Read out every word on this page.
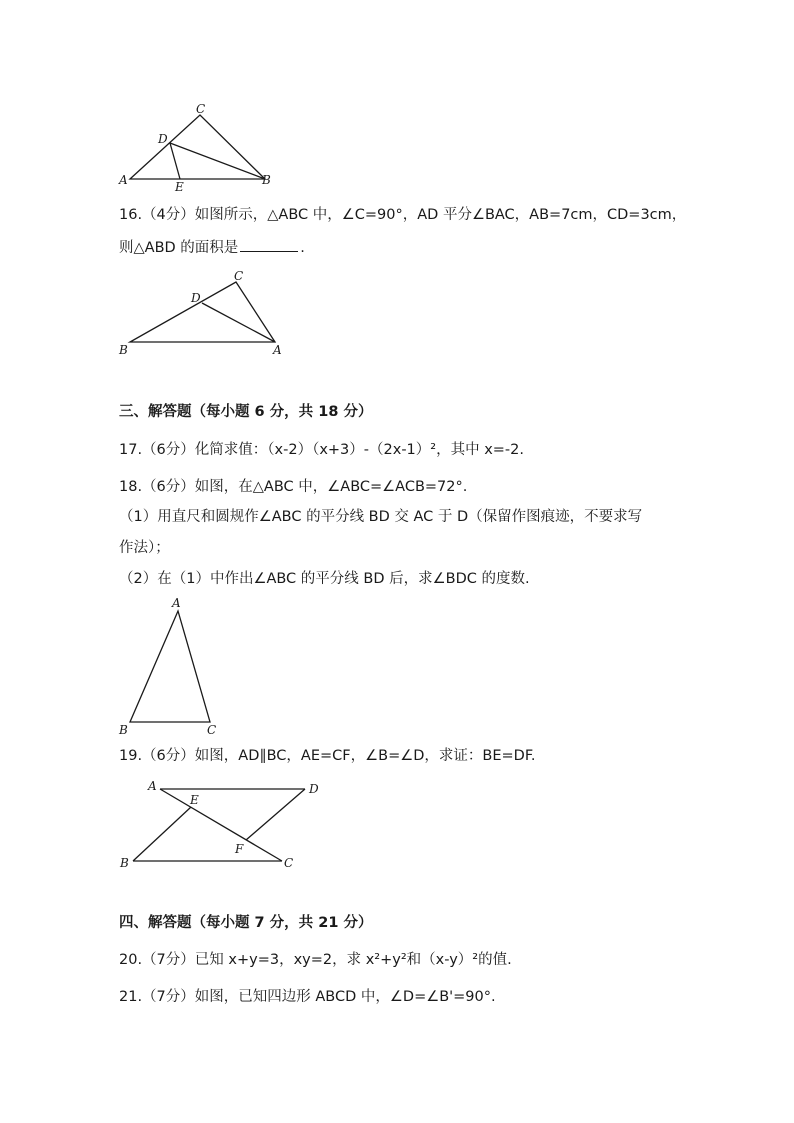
C
D
A	E	B
16.（4分）如图所示，△ABC 中，∠C=90°，AD 平分∠BAC，AB=7cm，CD=3cm，
则△ABD 的面积是	.
C
D
B	A
三、解答题（每小题 6 分，共 18 分）
17.（6分）化简求值：（x-2）（x+3）-（2x-1）²，其中 x=-2.
18.（6分）如图，在△ABC 中，∠ABC=∠ACB=72°.
（1）用直尺和圆规作∠ABC 的平分线 BD 交 AC 于 D（保留作图痕迹，不要求写
作法）；
（2）在（1）中作出∠ABC 的平分线 BD 后，求∠BDC 的度数.
A
B	C
19.（6分）如图，AD∥BC，AE=CF，∠B=∠D，求证：BE=DF.
A	D
E
F
B	C
四、解答题（每小题 7 分，共 21 分）
20.（7分）已知 x+y=3，xy=2，求 x²+y²和（x-y）²的值.
21.（7分）如图，已知四边形 ABCD 中，∠D=∠B'=90°.
